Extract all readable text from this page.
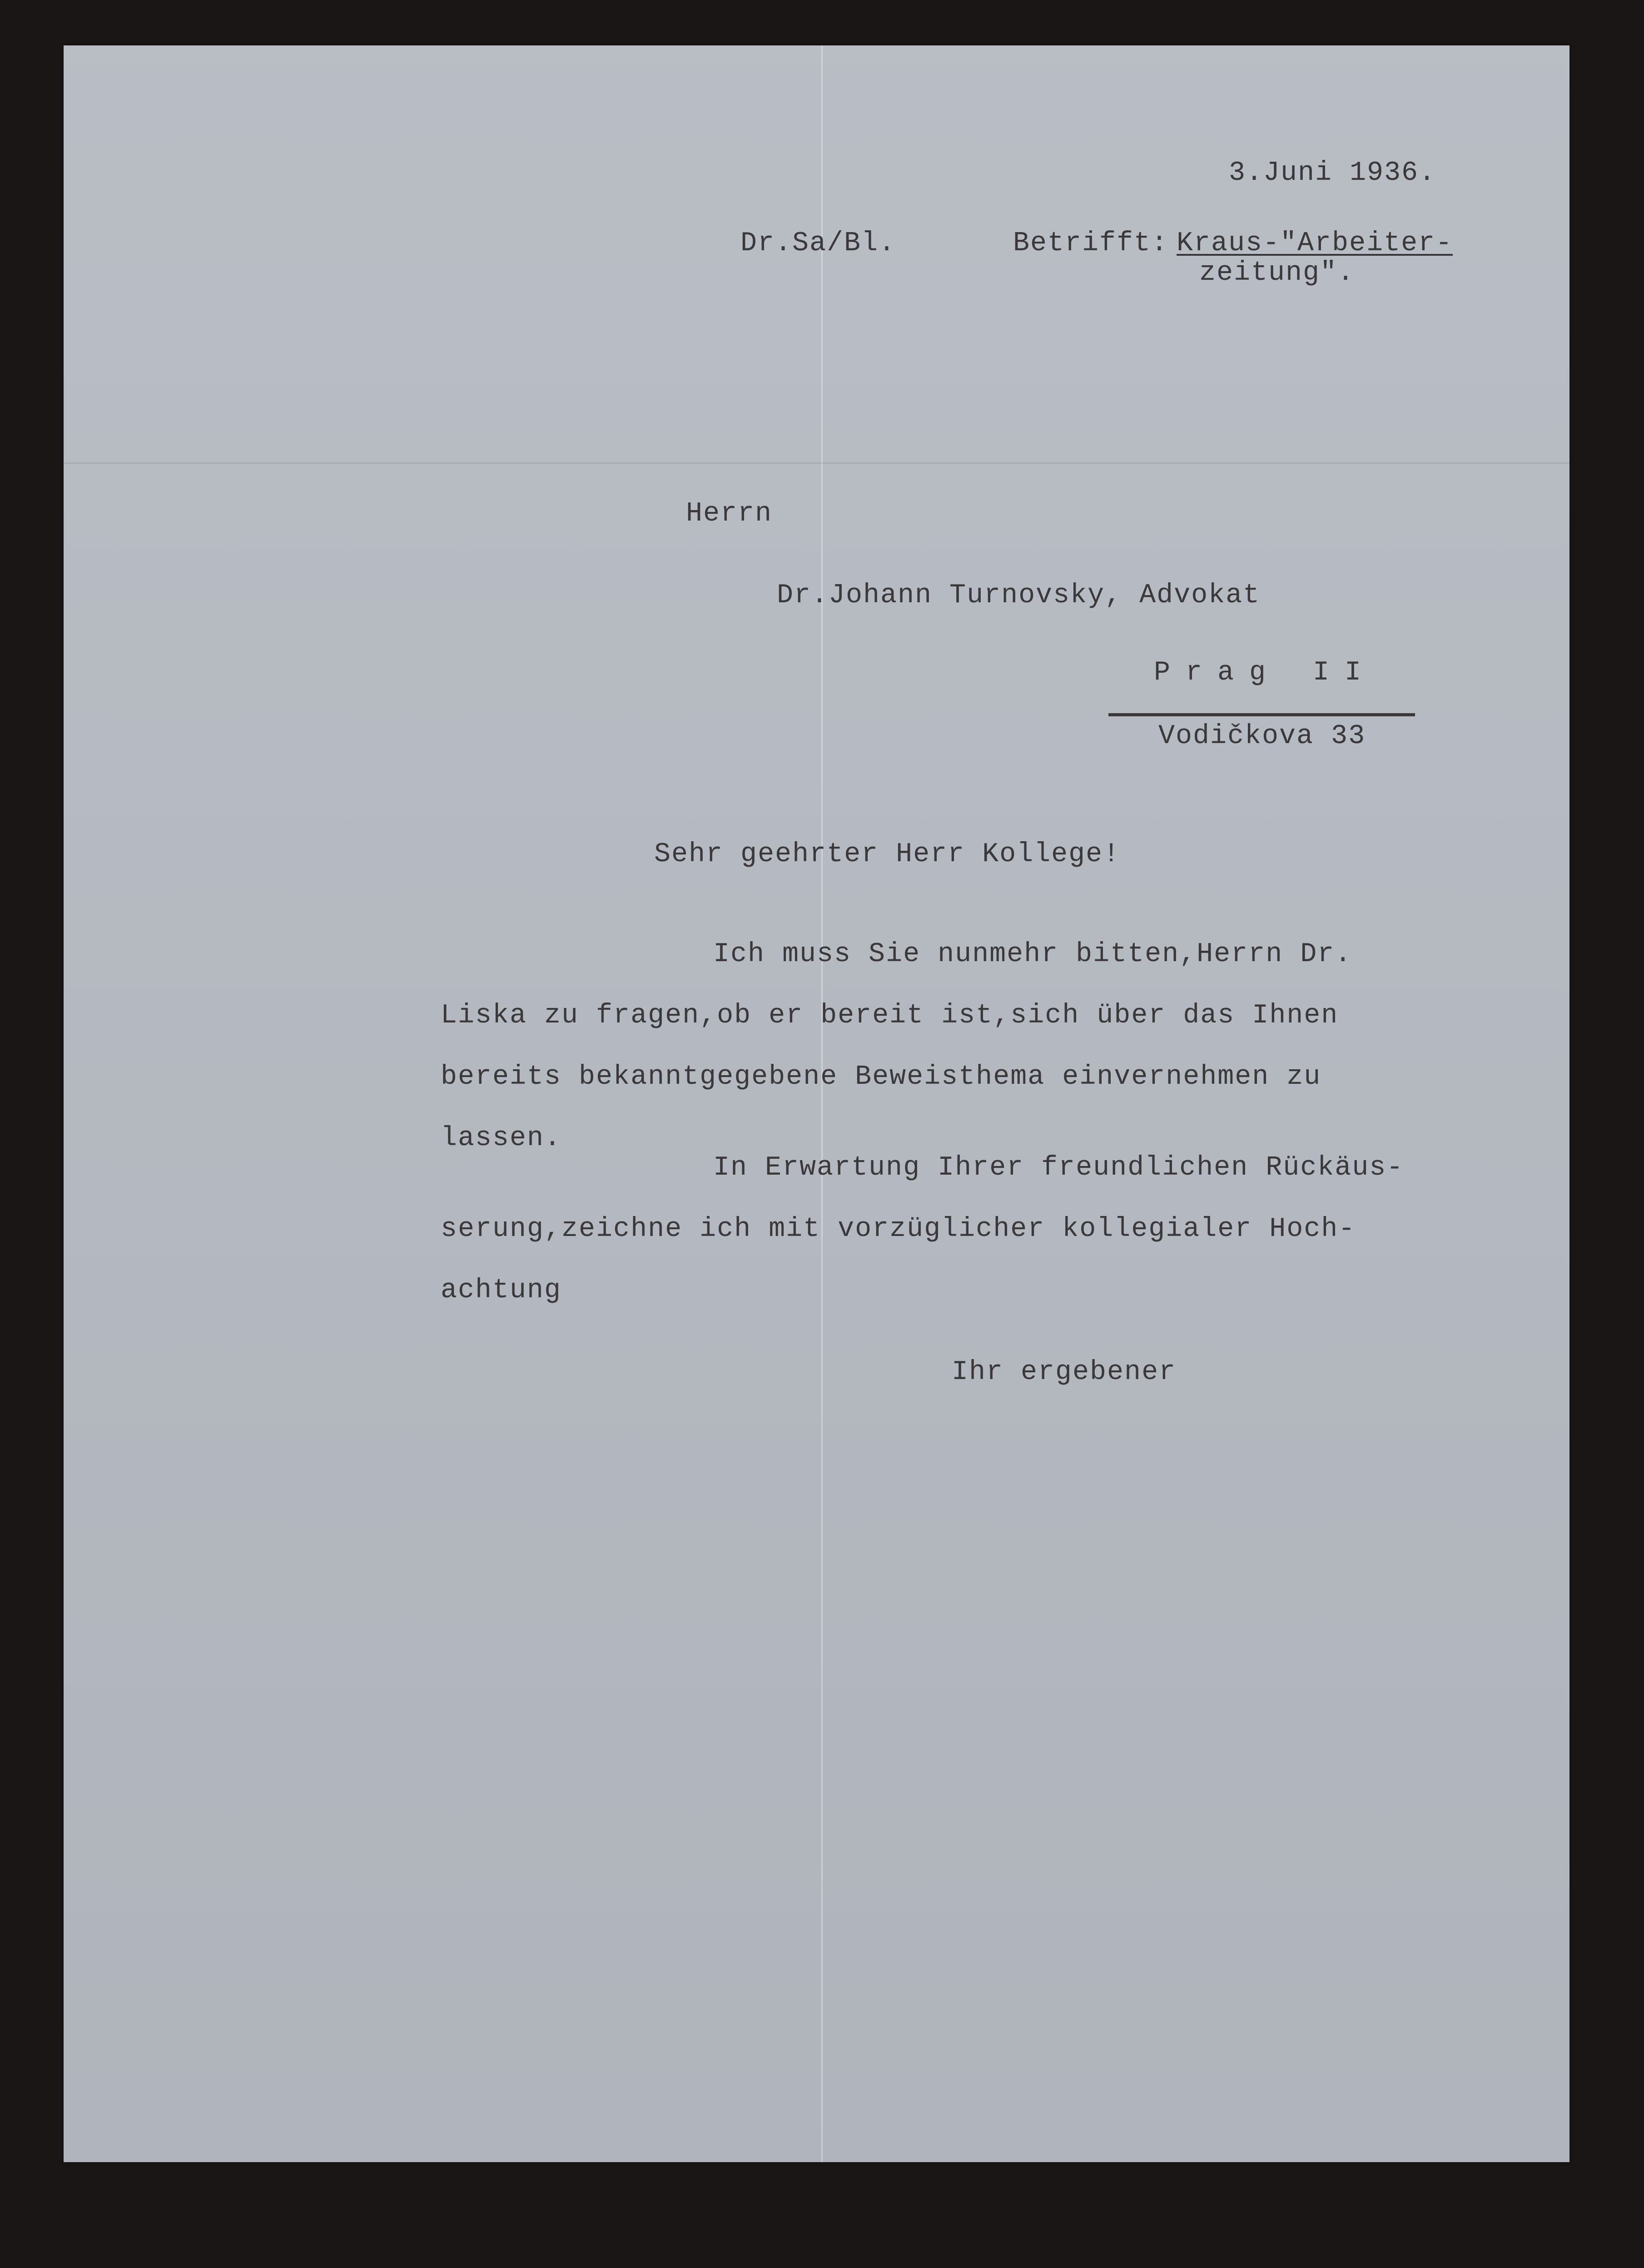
3.Juni 1936.
Dr.Sa/Bl.	Betrifft: Kraus-"Arbeiter-
zeitung".
Herrn
Dr.Johann Turnovsky, Advokat
Prag II
Vodičkova 33
Sehr geehrter Herr Kollege!
Ich muss Sie nunmehr bitten,Herrn Dr.
Liska zu fragen,ob er bereit ist,sich über das Ihnen
bereits bekanntgegebene Beweisthema einvernehmen zu
lassen.
In Erwartung Ihrer freundlichen Rückäus-
serung,zeichne ich mit vorzüglicher kollegialer Hoch-
achtung
Ihr ergebener
